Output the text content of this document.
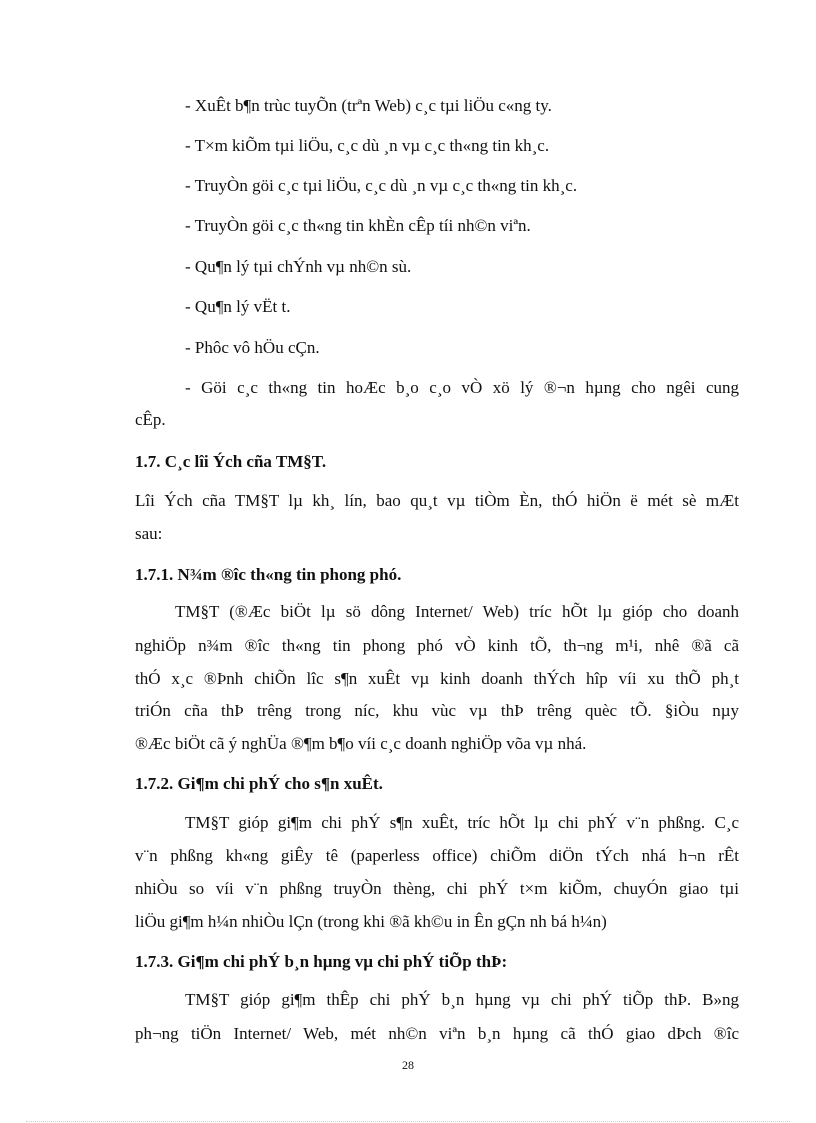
- XuÊt b¶n trùc tuyÕn (trªn Web) c¸c tµi liÖu c«ng ty.
- T×m kiÕm tµi liÖu, c¸c dù ¸n vµ c¸c th«ng tin kh¸c.
- TruyÒn göi c¸c tµi liÖu, c¸c dù ¸n vµ c¸c th«ng tin kh¸c.
- TruyÒn göi c¸c th«ng tin khÈn cÊp tíi nh©n viªn.
- Qu¶n lý tµi chÝnh vµ nh©n sù.
- Qu¶n lý vËt t.
- Phôc vô hÖu cÇn.
- Göi c¸c th«ng tin hoÆc b¸o c¸o vÒ xö lý ®¬n hµng cho ngêi cung
cÊp.
1.7. C¸c lîi Ých cña TM§T.
Lîi Ých cña TM§T lµ kh¸ lín, bao qu¸t vµ tiÒm Èn, thÓ hiÖn ë mét sè mÆt
sau:
1.7.1. N¾m ®îc th«ng tin phong phó.
TM§T (®Æc biÖt lµ sö dông Internet/ Web) tríc hÕt lµ gióp cho doanh
nghiÖp n¾m ®îc th«ng tin phong phó vÒ kinh tÕ, th¬ng m¹i, nhê ®ã cã
thÓ x¸c ®Þnh chiÕn lîc s¶n xuÊt vµ kinh doanh thÝch hîp víi xu thÕ ph¸t
triÓn cña thÞ trêng trong níc, khu vùc vµ thÞ trêng quèc tÕ. §iÒu nµy
®Æc biÖt cã ý nghÜa ®¶m b¶o víi c¸c doanh nghiÖp võa vµ nhá.
1.7.2. Gi¶m chi phÝ cho s¶n xuÊt.
TM§T gióp gi¶m chi phÝ s¶n xuÊt, tríc hÕt lµ chi phÝ v¨n phßng. C¸c
v¨n phßng kh«ng giÊy tê (paperless office) chiÕm diÖn tÝch nhá h¬n rÊt
nhiÒu so víi v¨n phßng truyÒn thèng, chi phÝ t×m kiÕm, chuyÓn giao tµi
liÖu gi¶m h¼n nhiÒu lÇn (trong khi ®ã kh©u in Ên gÇn nh bá h¼n)
1.7.3. Gi¶m chi phÝ b¸n hµng vµ chi phÝ tiÕp thÞ:
TM§T gióp gi¶m thÊp chi phÝ b¸n hµng vµ chi phÝ tiÕp thÞ. B»ng
ph¬ng tiÖn Internet/ Web, mét nh©n viªn b¸n hµng cã thÓ giao dÞch ®îc
28
